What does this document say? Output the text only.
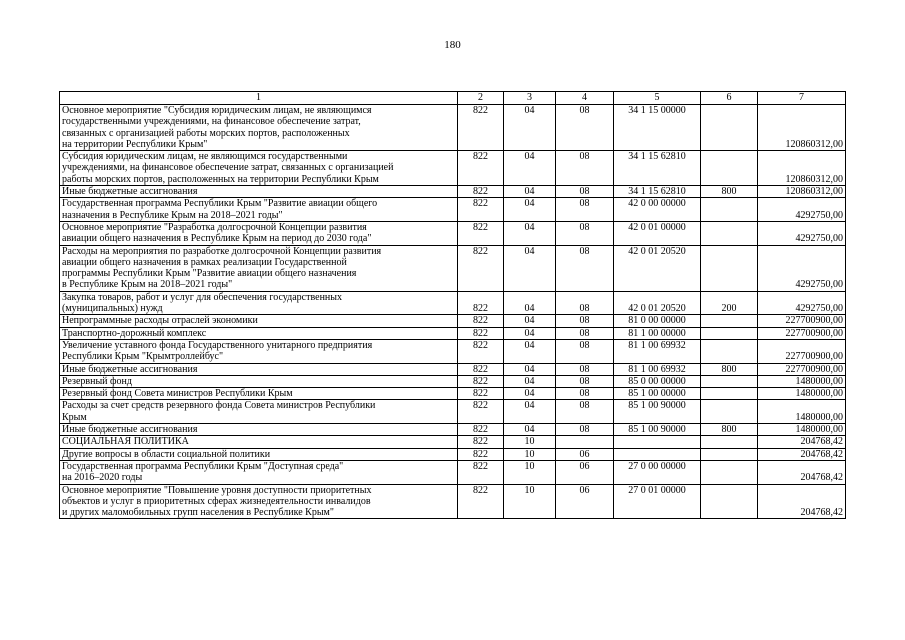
180
1	2	3	4	5	6	7
Основное мероприятие "Субсидия юридическим лицам, не являющимся
государственными учреждениями, на финансовое обеспечение затрат,
связанных с организацией работы морских портов, расположенных
на территории Республики Крым"	822	04	08	34 1 15 00000		120860312,00
Субсидия юридическим лицам, не являющимся государственными
учреждениями, на финансовое обеспечение затрат, связанных с организацией
работы морских портов, расположенных на территории Республики Крым	822	04	08	34 1 15 62810		120860312,00
Иные бюджетные ассигнования	822	04	08	34 1 15 62810	800	120860312,00
Государственная программа Республики Крым "Развитие авиации общего
назначения в Республике Крым на 2018–2021 годы"	822	04	08	42 0 00 00000		4292750,00
Основное мероприятие "Разработка долгосрочной Концепции развития
авиации общего назначения в Республике Крым на период до 2030 года"	822	04	08	42 0 01 00000		4292750,00
Расходы на мероприятия по разработке долгосрочной Концепции развития
авиации общего назначения в рамках реализации Государственной
программы Республики Крым "Развитие авиации общего назначения
в Республике Крым на 2018–2021 годы"	822	04	08	42 0 01 20520		4292750,00
Закупка товаров, работ и услуг для обеспечения государственных
(муниципальных) нужд	822	04	08	42 0 01 20520	200	4292750,00
Непрограммные расходы отраслей экономики	822	04	08	81 0 00 00000		227700900,00
Транспортно-дорожный комплекс	822	04	08	81 1 00 00000		227700900,00
Увеличение уставного фонда Государственного унитарного предприятия
Республики Крым "Крымтроллейбус"	822	04	08	81 1 00 69932		227700900,00
Иные бюджетные ассигнования	822	04	08	81 1 00 69932	800	227700900,00
Резервный фонд	822	04	08	85 0 00 00000		1480000,00
Резервный фонд Совета министров Республики Крым	822	04	08	85 1 00 00000		1480000,00
Расходы за счет средств резервного фонда Совета министров Республики
Крым	822	04	08	85 1 00 90000		1480000,00
Иные бюджетные ассигнования	822	04	08	85 1 00 90000	800	1480000,00
СОЦИАЛЬНАЯ ПОЛИТИКА	822	10				204768,42
Другие вопросы в области социальной политики	822	10	06			204768,42
Государственная программа Республики Крым "Доступная среда"
на 2016–2020 годы	822	10	06	27 0 00 00000		204768,42
Основное мероприятие "Повышение уровня доступности приоритетных
объектов и услуг в приоритетных сферах жизнедеятельности инвалидов
и других маломобильных групп населения в Республике Крым"	822	10	06	27 0 01 00000		204768,42
